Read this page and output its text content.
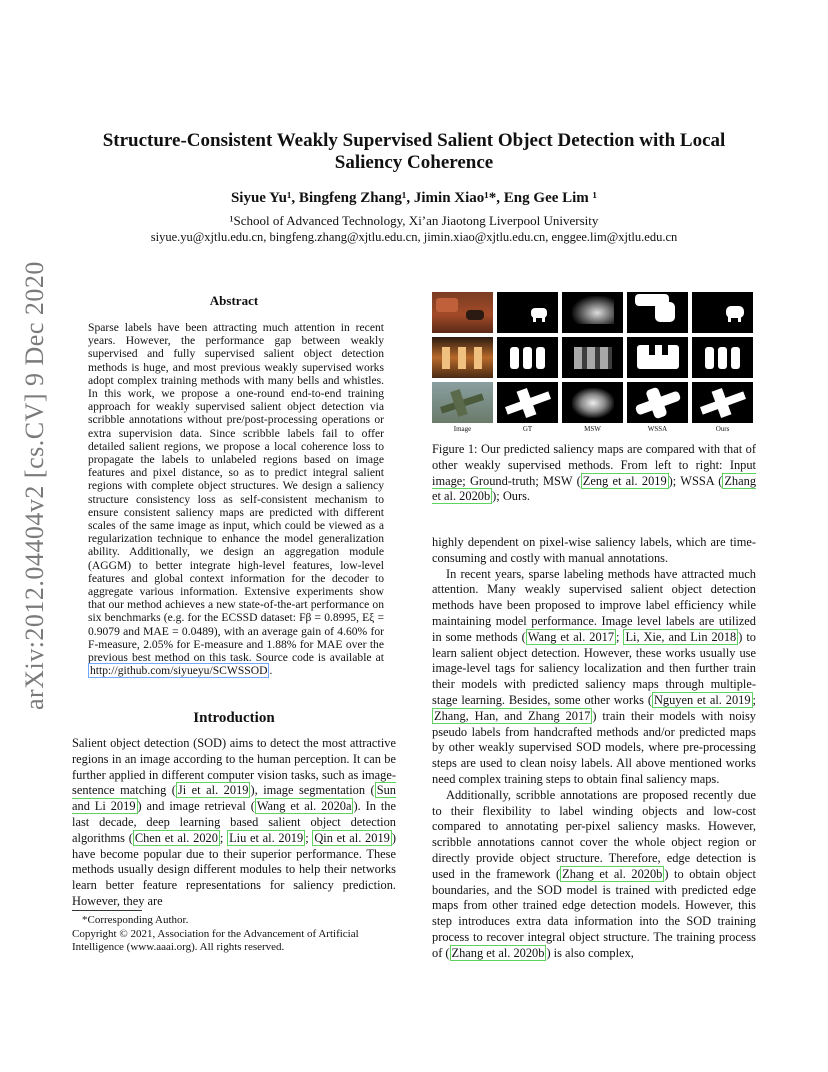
arXiv:2012.04404v2 [cs.CV] 9 Dec 2020
Structure-Consistent Weakly Supervised Salient Object Detection with Local Saliency Coherence
Siyue Yu¹, Bingfeng Zhang¹, Jimin Xiao¹*, Eng Gee Lim ¹
¹School of Advanced Technology, Xi’an Jiaotong Liverpool University
siyue.yu@xjtlu.edu.cn, bingfeng.zhang@xjtlu.edu.cn, jimin.xiao@xjtlu.edu.cn, enggee.lim@xjtlu.edu.cn
Abstract
Sparse labels have been attracting much attention in recent years. However, the performance gap between weakly supervised and fully supervised salient object detection methods is huge, and most previous weakly supervised works adopt complex training methods with many bells and whistles. In this work, we propose a one-round end-to-end training approach for weakly supervised salient object detection via scribble annotations without pre/post-processing operations or extra supervision data. Since scribble labels fail to offer detailed salient regions, we propose a local coherence loss to propagate the labels to unlabeled regions based on image features and pixel distance, so as to predict integral salient regions with complete object structures. We design a saliency structure consistency loss as self-consistent mechanism to ensure consistent saliency maps are predicted with different scales of the same image as input, which could be viewed as a regularization technique to enhance the model generalization ability. Additionally, we design an aggregation module (AGGM) to better integrate high-level features, low-level features and global context information for the decoder to aggregate various information. Extensive experiments show that our method achieves a new state-of-the-art performance on six benchmarks (e.g. for the ECSSD dataset: Fβ = 0.8995, Eξ = 0.9079 and MAE = 0.0489), with an average gain of 4.60% for F-measure, 2.05% for E-measure and 1.88% for MAE over the previous best method on this task. Source code is available at http://github.com/siyueyu/SCWSSOD .
Introduction

Salient object detection (SOD) aims to detect the most attractive regions in an image according to the human perception. It can be further applied in different computer vision tasks, such as image-sentence matching ( Ji et al. 2019 ), image segmentation ( Sun and Li 2019 ) and image retrieval ( Wang et al. 2020a ). In the last decade, deep learning based salient object detection algorithms ( Chen et al. 2020 ; Liu et al. 2019 ; Qin et al. 2019 ) have become popular due to their superior performance. These methods usually design different modules to help their networks learn better feature representations for saliency prediction. However, they are

*Corresponding Author.
Copyright © 2021, Association for the Advancement of Artificial Intelligence (www.aaai.org). All rights reserved.
Image	GT	MSW	WSSA	Ours
Figure 1: Our predicted saliency maps are compared with that of other weakly supervised methods. From left to right: Input image; Ground-truth; MSW ( Zeng et al. 2019 ); WSSA ( Zhang et al. 2020b ); Ours.

highly dependent on pixel-wise saliency labels, which are time-consuming and costly with manual annotations.

In recent years, sparse labeling methods have attracted much attention. Many weakly supervised salient object detection methods have been proposed to improve label efficiency while maintaining model performance. Image level labels are utilized in some methods ( Wang et al. 2017 ; Li, Xie, and Lin 2018 ) to learn salient object detection. However, these works usually use image-level tags for saliency localization and then further train their models with predicted saliency maps through multiple-stage learning. Besides, some other works ( Nguyen et al. 2019 ; Zhang, Han, and Zhang 2017 ) train their models with noisy pseudo labels from handcrafted methods and/or predicted maps by other weakly supervised SOD models, where pre-processing steps are used to clean noisy labels. All above mentioned works need complex training steps to obtain final saliency maps.

Additionally, scribble annotations are proposed recently due to their flexibility to label winding objects and low-cost compared to annotating per-pixel saliency masks. However, scribble annotations cannot cover the whole object region or directly provide object structure. Therefore, edge detection is used in the framework ( Zhang et al. 2020b ) to obtain object boundaries, and the SOD model is trained with predicted edge maps from other trained edge detection models. However, this step introduces extra data information into the SOD training process to recover integral object structure. The training process of ( Zhang et al. 2020b ) is also complex,
